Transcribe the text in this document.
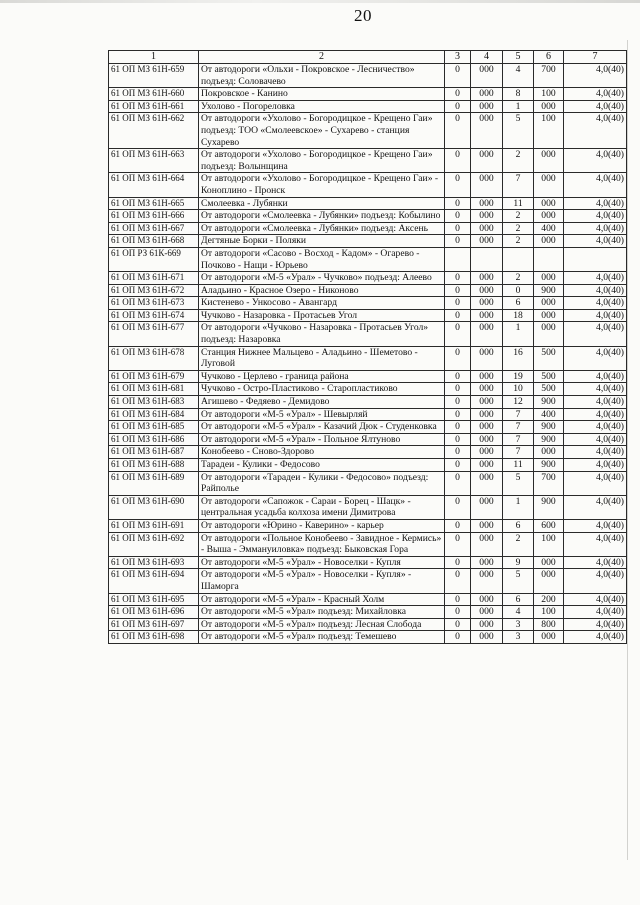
20
1	2	3	4	5	6	7
61 ОП МЗ 61Н-659	От автодороги «Ольхи - Покровское - Лесничество» подъезд: Соловачево	0	000	4	700	4,0(40)
61 ОП МЗ 61Н-660	Покровское - Канино	0	000	8	100	4,0(40)
61 ОП МЗ 61Н-661	Ухолово - Погореловка	0	000	1	000	4,0(40)
61 ОП МЗ 61Н-662	От автодороги «Ухолово - Богородицкое - Крещено Гаи» подъезд: ТОО «Смолеевское» - Сухарево - станция Сухарево	0	000	5	100	4,0(40)
61 ОП МЗ 61Н-663	От автодороги «Ухолово - Богородицкое - Крещено Гаи» подъезд: Волынщина	0	000	2	000	4,0(40)
61 ОП МЗ 61Н-664	От автодороги «Ухолово - Богородицкое - Крещено Гаи» - Коноплино - Пронск	0	000	7	000	4,0(40)
61 ОП МЗ 61Н-665	Смолеевка - Лубянки	0	000	11	000	4,0(40)
61 ОП МЗ 61Н-666	От автодороги «Смолеевка - Лубянки» подъезд: Кобылино	0	000	2	000	4,0(40)
61 ОП МЗ 61Н-667	От автодороги «Смолеевка - Лубянки» подъезд: Аксень	0	000	2	400	4,0(40)
61 ОП МЗ 61Н-668	Дегтяные Борки - Поляки	0	000	2	000	4,0(40)
61 ОП РЗ 61К-669	От автодороги «Сасово - Восход - Кадом» - Огарево - Почково - Нащи - Юрьево					
61 ОП МЗ 61Н-671	От автодороги «М-5 «Урал» - Чучково» подъезд: Алеево	0	000	2	000	4,0(40)
61 ОП МЗ 61Н-672	Аладьино - Красное Озеро - Никоново	0	000	0	900	4,0(40)
61 ОП МЗ 61Н-673	Кистенево - Ункосово - Авангард	0	000	6	000	4,0(40)
61 ОП МЗ 61Н-674	Чучково - Назаровка - Протасьев Угол	0	000	18	000	4,0(40)
61 ОП МЗ 61Н-677	От автодороги «Чучково - Назаровка - Протасьев Угол» подъезд: Назаровка	0	000	1	000	4,0(40)
61 ОП МЗ 61Н-678	Станция Нижнее Мальцево - Аладьино - Шеметово - Луговой	0	000	16	500	4,0(40)
61 ОП МЗ 61Н-679	Чучково - Церлево - граница района	0	000	19	500	4,0(40)
61 ОП МЗ 61Н-681	Чучково - Остро-Пластиково - Старопластиково	0	000	10	500	4,0(40)
61 ОП МЗ 61Н-683	Агишево - Федяево - Демидово	0	000	12	900	4,0(40)
61 ОП МЗ 61Н-684	От автодороги «М-5 «Урал» - Шевырляй	0	000	7	400	4,0(40)
61 ОП МЗ 61Н-685	От автодороги «М-5 «Урал» - Казачий Дюк - Студенковка	0	000	7	900	4,0(40)
61 ОП МЗ 61Н-686	От автодороги «М-5 «Урал» - Польное Ялтуново	0	000	7	900	4,0(40)
61 ОП МЗ 61Н-687	Конобеево - Сново-Здорово	0	000	7	000	4,0(40)
61 ОП МЗ 61Н-688	Тарадеи - Кулики - Федосово	0	000	11	900	4,0(40)
61 ОП МЗ 61Н-689	От автодороги «Тарадеи - Кулики - Федосово» подъезд: Райполье	0	000	5	700	4,0(40)
61 ОП МЗ 61Н-690	От автодороги «Сапожок - Сараи - Борец - Шацк» - центральная усадьба колхоза имени Димитрова	0	000	1	900	4,0(40)
61 ОП МЗ 61Н-691	От автодороги «Юрино - Каверино» - карьер	0	000	6	600	4,0(40)
61 ОП МЗ 61Н-692	От автодороги «Польное Конобеево - Завидное - Кермись» - Выша - Эммануиловка» подъезд: Быковская Гора	0	000	2	100	4,0(40)
61 ОП МЗ 61Н-693	От автодороги «М-5 «Урал» - Новоселки - Купля	0	000	9	000	4,0(40)
61 ОП МЗ 61Н-694	От автодороги «М-5 «Урал» - Новоселки - Купля» - Шаморга	0	000	5	000	4,0(40)
61 ОП МЗ 61Н-695	От автодороги «М-5 «Урал» - Красный Холм	0	000	6	200	4,0(40)
61 ОП МЗ 61Н-696	От автодороги «М-5 «Урал» подъезд: Михайловка	0	000	4	100	4,0(40)
61 ОП МЗ 61Н-697	От автодороги «М-5 «Урал» подъезд: Лесная Слобода	0	000	3	800	4,0(40)
61 ОП МЗ 61Н-698	От автодороги «М-5 «Урал» подъезд: Темешево	0	000	3	000	4,0(40)
